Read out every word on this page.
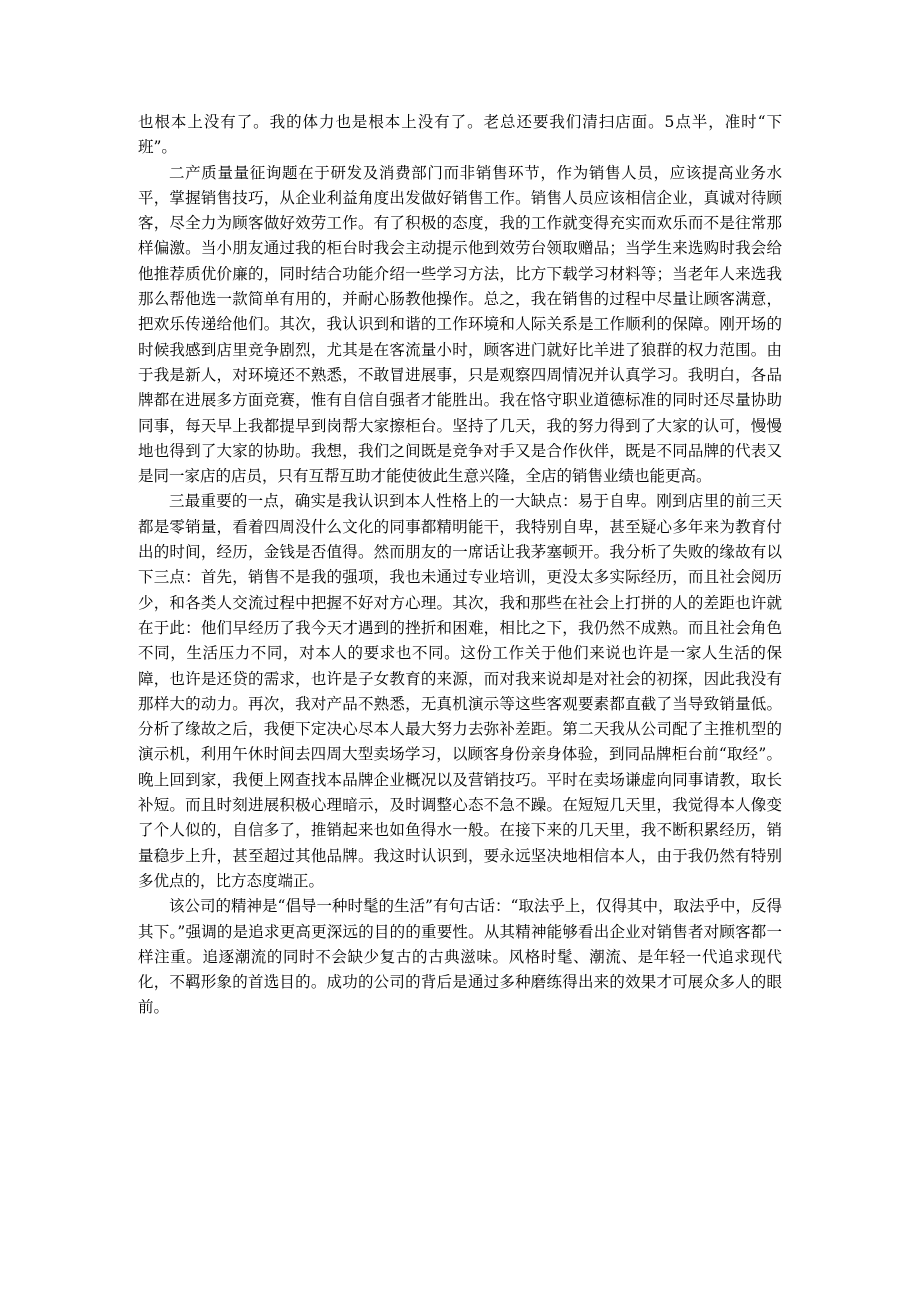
也根本上没有了。我的体力也是根本上没有了。老总还要我们清扫店面。5点半，准时“下班”。

二产质量量征询题在于研发及消费部门而非销售环节，作为销售人员，应该提高业务水平，掌握销售技巧，从企业利益角度出发做好销售工作。销售人员应该相信企业，真诚对待顾客，尽全力为顾客做好效劳工作。有了积极的态度，我的工作就变得充实而欢乐而不是往常那样偏激。当小朋友通过我的柜台时我会主动提示他到效劳台领取赠品；当学生来选购时我会给他推荐质优价廉的，同时结合功能介绍一些学习方法，比方下载学习材料等；当老年人来选我那么帮他选一款简单有用的，并耐心肠教他操作。总之，我在销售的过程中尽量让顾客满意，把欢乐传递给他们。其次，我认识到和谐的工作环境和人际关系是工作顺利的保障。刚开场的时候我感到店里竞争剧烈，尤其是在客流量小时，顾客进门就好比羊进了狼群的权力范围。由于我是新人，对环境还不熟悉，不敢冒进展事，只是观察四周情况并认真学习。我明白，各品牌都在进展多方面竞赛，惟有自信自强者才能胜出。我在恪守职业道德标准的同时还尽量协助同事，每天早上我都提早到岗帮大家擦柜台。坚持了几天，我的努力得到了大家的认可，慢慢地也得到了大家的协助。我想，我们之间既是竞争对手又是合作伙伴，既是不同品牌的代表又是同一家店的店员，只有互帮互助才能使彼此生意兴隆，全店的销售业绩也能更高。

三最重要的一点，确实是我认识到本人性格上的一大缺点：易于自卑。刚到店里的前三天都是零销量，看着四周没什么文化的同事都精明能干，我特别自卑，甚至疑心多年来为教育付出的时间，经历，金钱是否值得。然而朋友的一席话让我茅塞顿开。我分析了失败的缘故有以下三点：首先，销售不是我的强项，我也未通过专业培训，更没太多实际经历，而且社会阅历少，和各类人交流过程中把握不好对方心理。其次，我和那些在社会上打拼的人的差距也许就在于此：他们早经历了我今天才遇到的挫折和困难，相比之下，我仍然不成熟。而且社会角色不同，生活压力不同，对本人的要求也不同。这份工作关于他们来说也许是一家人生活的保障，也许是还贷的需求，也许是子女教育的来源，而对我来说却是对社会的初探，因此我没有那样大的动力。再次，我对产品不熟悉，无真机演示等这些客观要素都直截了当导致销量低。分析了缘故之后，我便下定决心尽本人最大努力去弥补差距。第二天我从公司配了主推机型的演示机，利用午休时间去四周大型卖场学习，以顾客身份亲身体验，到同品牌柜台前“取经”。晚上回到家，我便上网查找本品牌企业概况以及营销技巧。平时在卖场谦虚向同事请教，取长补短。而且时刻进展积极心理暗示，及时调整心态不急不躁。在短短几天里，我觉得本人像变了个人似的，自信多了，推销起来也如鱼得水一般。在接下来的几天里，我不断积累经历，销量稳步上升，甚至超过其他品牌。我这时认识到，要永远坚决地相信本人，由于我仍然有特别多优点的，比方态度端正。

该公司的精神是“倡导一种时髦的生活”有句古话：“取法乎上，仅得其中，取法乎中，反得其下。”强调的是追求更高更深远的目的的重要性。从其精神能够看出企业对销售者对顾客都一样注重。追逐潮流的同时不会缺少复古的古典滋味。风格时髦、潮流、是年轻一代追求现代化，不羁形象的首选目的。成功的公司的背后是通过多种磨练得出来的效果才可展众多人的眼前。
